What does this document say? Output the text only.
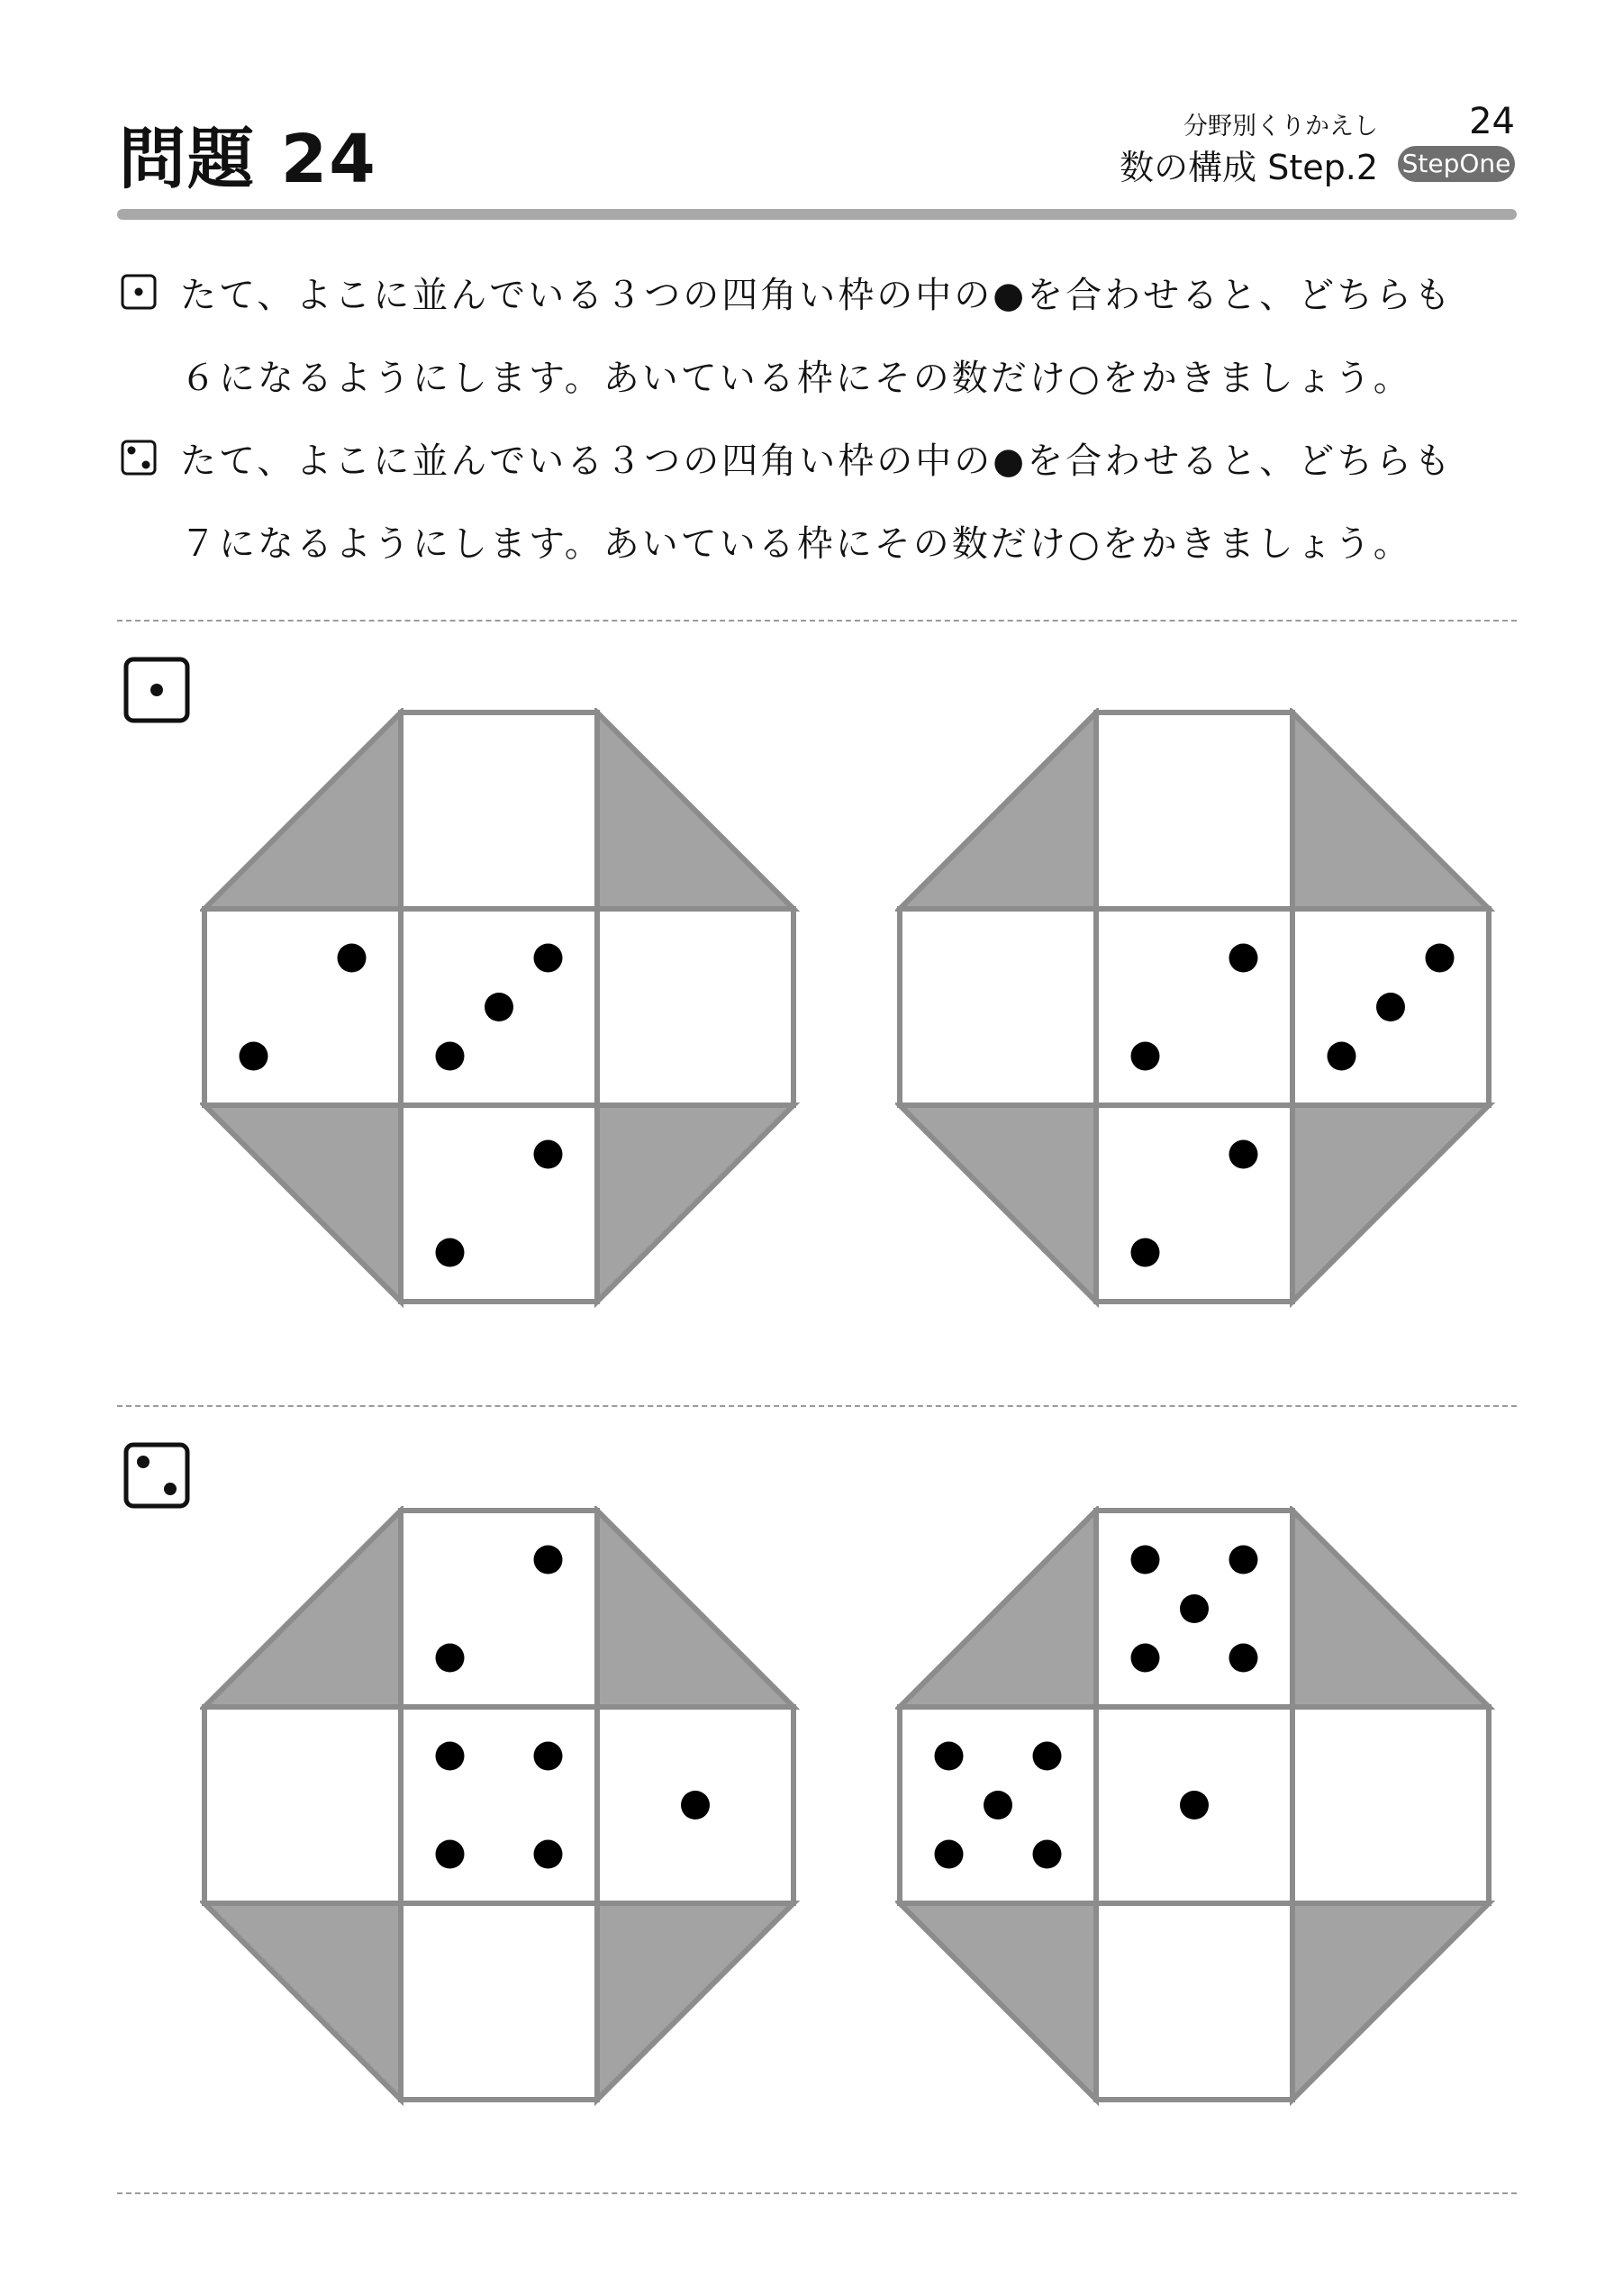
問題 24	分野別くりかえし	24
数の構成 Step.2 StepOne
たて、よこに並んでいる３つの四角い枠の中の●を合わせると、どちらも
６になるようにします。あいている枠にその数だけ○をかきましょう。
たて、よこに並んでいる３つの四角い枠の中の●を合わせると、どちらも
７になるようにします。あいている枠にその数だけ○をかきましょう。
